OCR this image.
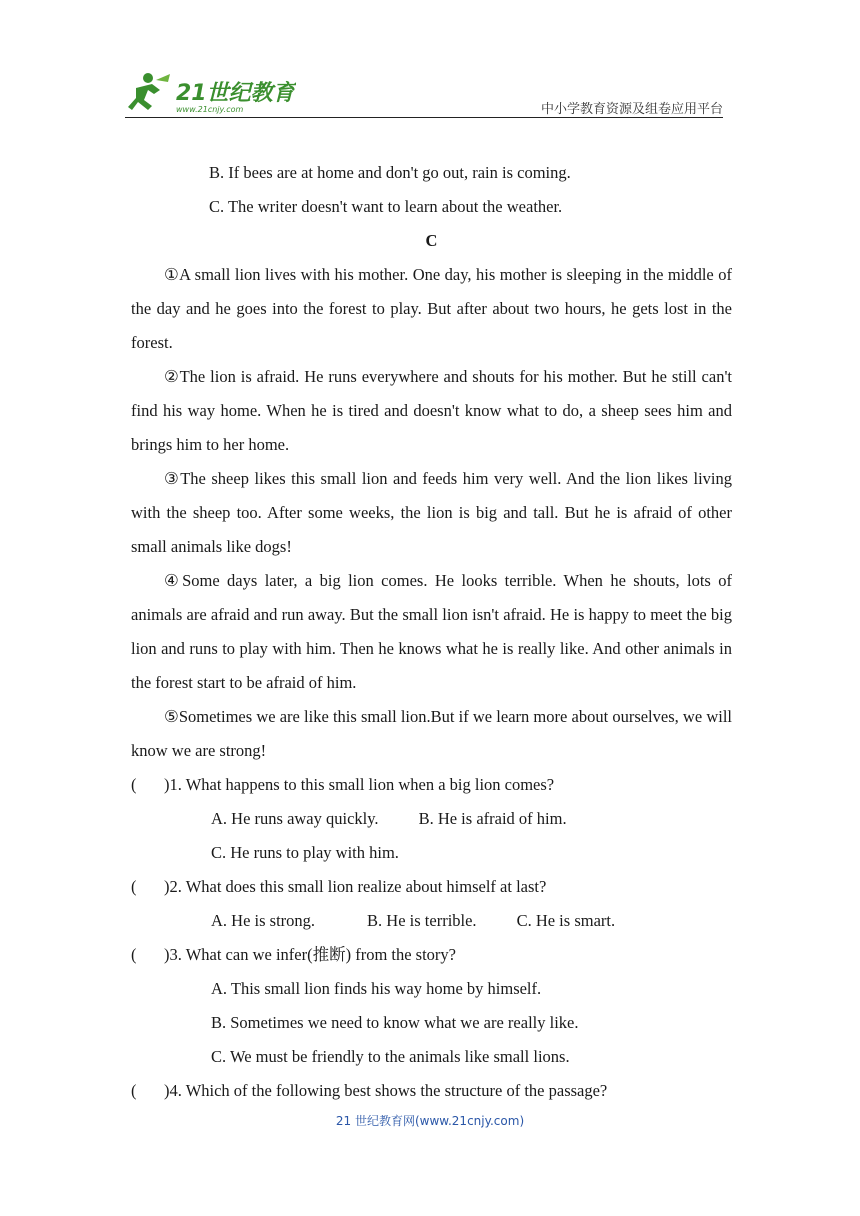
21世纪教育
www.21cnjy.com	中小学教育资源及组卷应用平台
B. If bees are at home and don't go out, rain is coming.
C. The writer doesn't want to learn about the weather.
C
①A small lion lives with his mother. One day, his mother is sleeping in the middle of the day and he goes into the forest to play. But after about two hours, he gets lost in the forest.
②The lion is afraid. He runs everywhere and shouts for his mother. But he still can't find his way home. When he is tired and doesn't know what to do, a sheep sees him and brings him to her home.
③The sheep likes this small lion and feeds him very well. And the lion likes living with the sheep too. After some weeks, the lion is big and tall. But he is afraid of other small animals like dogs!
④Some days later, a big lion comes. He looks terrible. When he shouts, lots of animals are afraid and run away. But the small lion isn't afraid. He is happy to meet the big lion and runs to play with him. Then he knows what he is really like. And other animals in the forest start to be afraid of him.
⑤Sometimes we are like this small lion.But if we learn more about ourselves, we will know we are strong!
( )1. What happens to this small lion when a big lion comes?
A. He runs away quickly. B. He is afraid of him.
C. He runs to play with him.
( )2. What does this small lion realize about himself at last?
A. He is strong.	B. He is terrible. C. He is smart.
( )3. What can we infer(推断) from the story?
A. This small lion finds his way home by himself.
B. Sometimes we need to know what we are really like.
C. We must be friendly to the animals like small lions.
( )4. Which of the following best shows the structure of the passage?
21 世纪教育网(www.21cnjy.com)
